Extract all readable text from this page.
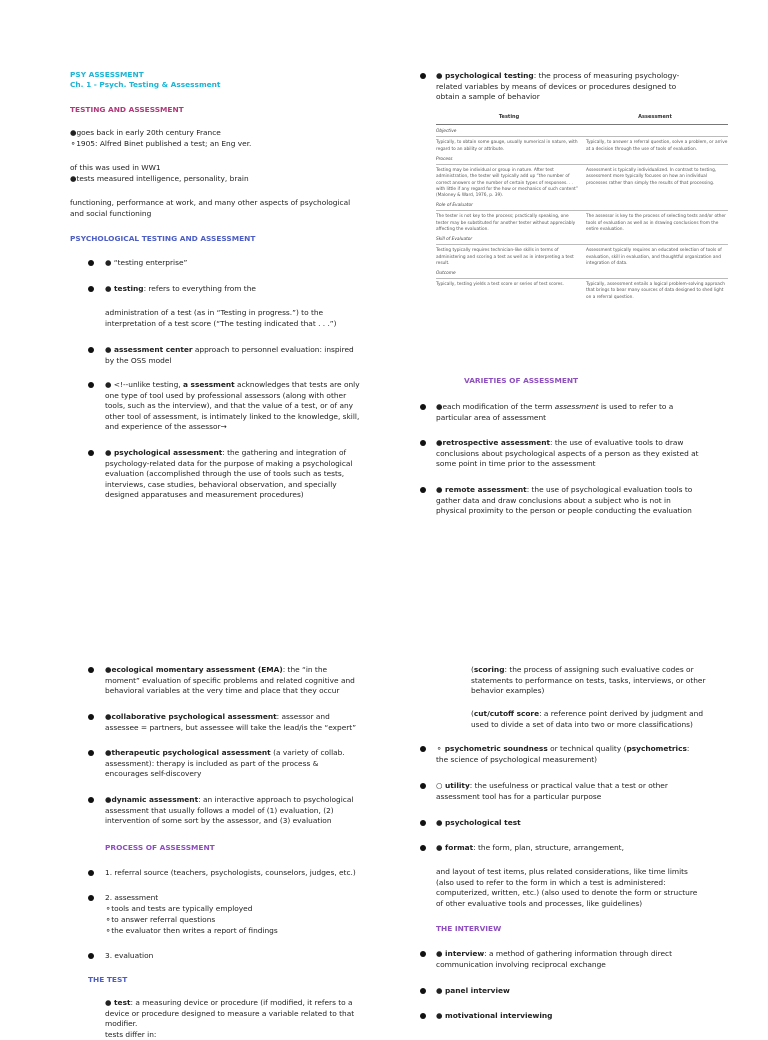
PSY ASSESSMENT
Ch. 1 - Psych. Testing & Assessment
TESTING AND ASSESSMENT
●goes back in early 20th century France
⚬1905: Alfred Binet published a test; an Eng ver.
of this was used in WW1
●tests measured intelligence, personality, brain
functioning, performance at work, and many other aspects of psychological and social functioning
PSYCHOLOGICAL TESTING AND ASSESSMENT
● “testing enterprise”
● testing: refers to everything from the
administration of a test (as in “Testing in progress.”) to the interpretation of a test score (“The testing indicated that . . .”)
● assessment center approach to personnel evaluation: inspired by the OSS model
● <!--unlike testing, a ssessment acknowledges that tests are only one type of tool used by professional assessors (along with other tools, such as the interview), and that the value of a test, or of any other tool of assessment, is intimately linked to the knowledge, skill, and experience of the assessor→
● psychological assessment: the gathering and integration of psychology-related data for the purpose of making a psychological evaluation (accomplished through the use of tools such as tests, interviews, case studies, behavioral observation, and specially designed apparatuses and measurement procedures)
● psychological testing: the process of measuring psychology-related variables by means of devices or procedures designed to obtain a sample of behavior
Testing	Assessment
Objective
Typically, to obtain some gauge, usually numerical in nature, with regard to an ability or attribute.
Typically, to answer a referral question, solve a problem, or arrive at a decision through the use of tools of evaluation.
Process
Testing may be individual or group in nature. After test administration, the tester will typically add up “the number of correct answers or the number of certain types of responses. . . with little if any regard for the how or mechanics of such content” (Maloney & Ward, 1976, p. 39).
Assessment is typically individualized. In contrast to testing, assessment more typically focuses on how an individual processes rather than simply the results of that processing.
Role of Evaluator
The tester is not key to the process; practically speaking, one tester may be substituted for another tester without appreciably affecting the evaluation.
The assessor is key to the process of selecting tests and/or other tools of evaluation as well as in drawing conclusions from the entire evaluation.
Skill of Evaluator
Testing typically requires technician-like skills in terms of administering and scoring a test as well as in interpreting a test result.
Assessment typically requires an educated selection of tools of evaluation, skill in evaluation, and thoughtful organization and integration of data.
Outcome
Typically, testing yields a test score or series of test scores.	Typically, assessment entails a logical problem-solving approach that brings to bear many sources of data designed to shed light on a referral question.
VARIETIES OF ASSESSMENT
●each modification of the term assessment is used to refer to a particular area of assessment
●retrospective assessment: the use of evaluative tools to draw conclusions about psychological aspects of a person as they existed at some point in time prior to the assessment
● remote assessment: the use of psychological evaluation tools to gather data and draw conclusions about a subject who is not in physical proximity to the person or people conducting the evaluation
●ecological momentary assessment (EMA): the “in the moment” evaluation of specific problems and related cognitive and behavioral variables at the very time and place that they occur
●collaborative psychological assessment: assessor and assessee = partners, but assessee will take the lead/is the “expert”
●therapeutic psychological assessment (a variety of collab. assessment): therapy is included as part of the process & encourages self-discovery
●dynamic assessment: an interactive approach to psychological assessment that usually follows a model of (1) evaluation, (2) intervention of some sort by the assessor, and (3) evaluation
PROCESS OF ASSESSMENT
1. referral source (teachers, psychologists, counselors, judges, etc.)
2. assessment
⚬tools and tests are typically employed
⚬to answer referral questions
⚬the evaluator then writes a report of findings
3. evaluation
THE TEST
● test: a measuring device or procedure (if modified, it refers to a device or procedure designed to measure a variable related to that modifier.
tests differ in:
(scoring: the process of assigning such evaluative codes or statements to performance on tests, tasks, interviews, or other behavior examples)
(cut/cutoff score: a reference point derived by judgment and used to divide a set of data into two or more classifications)
⚬ psychometric soundness or technical quality (psychometrics: the science of psychological measurement)
○ utility: the usefulness or practical value that a test or other assessment tool has for a particular purpose
● psychological test
● format: the form, plan, structure, arrangement,
and layout of test items, plus related considerations, like time limits (also used to refer to the form in which a test is administered: computerized, written, etc.) (also used to denote the form or structure of other evaluative tools and processes, like guidelines)
THE INTERVIEW
● interview: a method of gathering information through direct communication involving reciprocal exchange
● panel interview
● motivational interviewing
